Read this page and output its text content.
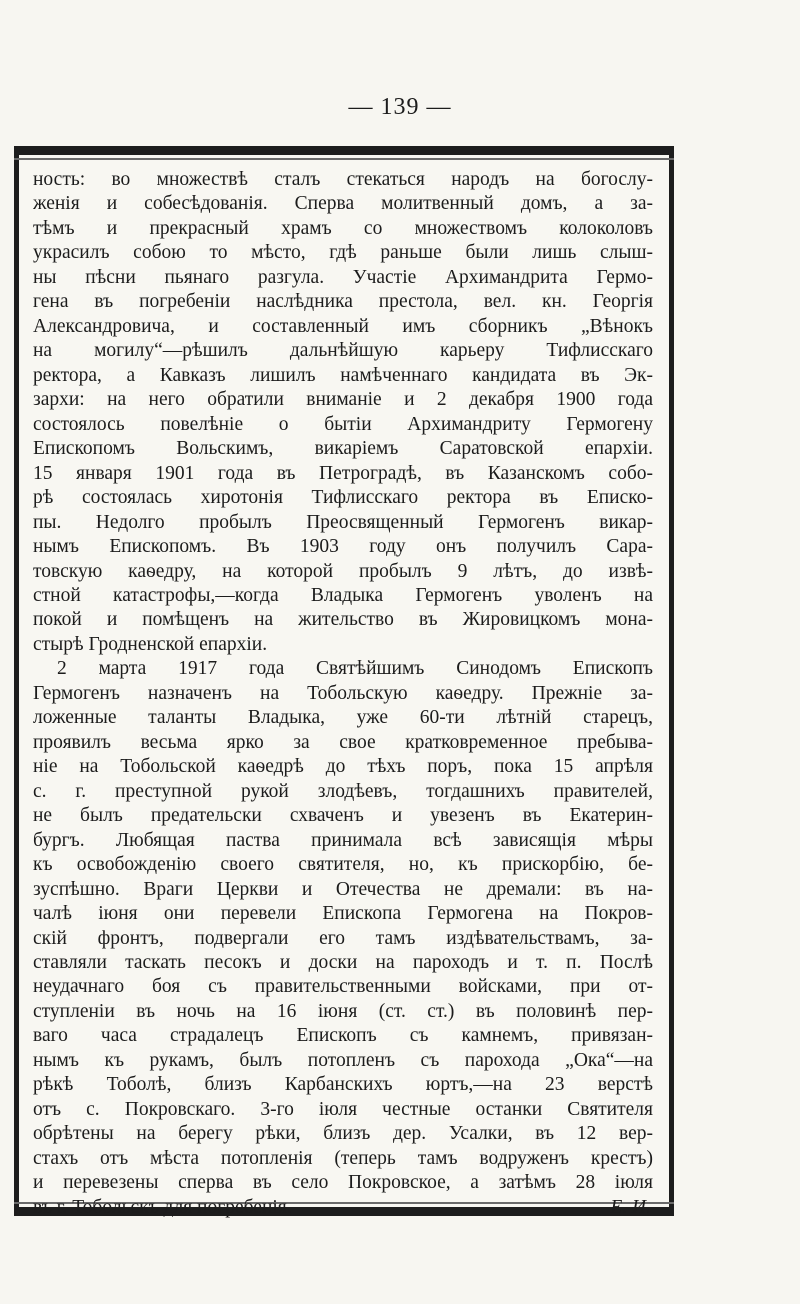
— 139 —
ность: во множествѣ сталъ стекаться народъ на богослу-
женія и собесѣдованія. Сперва молитвенный домъ, а за-
тѣмъ и прекрасный храмъ со множествомъ колоколовъ
украсилъ собою то мѣсто, гдѣ раньше были лишь слыш-
ны пѣсни пьянаго разгула. Участіе Архимандрита Гермо-
гена въ погребеніи наслѣдника престола, вел. кн. Георгія
Александровича, и составленный имъ сборникъ „Вѣнокъ
на могилу“—рѣшилъ дальнѣйшую карьеру Тифлисскаго
ректора, а Кавказъ лишилъ намѣченнаго кандидата въ Эк-
зархи: на него обратили вниманіе и 2 декабря 1900 года
состоялось повелѣніе о бытіи Архимандриту Гермогену
Епископомъ Вольскимъ, викаріемъ Саратовской епархіи.
15 января 1901 года въ Петроградѣ, въ Казанскомъ собо-
рѣ состоялась хиротонія Тифлисскаго ректора въ Еписко-
пы. Недолго пробылъ Преосвященный Гермогенъ викар-
нымъ Епископомъ. Въ 1903 году онъ получилъ Сара-
товскую каѳедру, на которой пробылъ 9 лѣтъ, до извѣ-
стной катастрофы,—когда Владыка Гермогенъ уволенъ на
покой и помѣщенъ на жительство въ Жировицкомъ мона-
стырѣ Гродненской епархіи.
2 марта 1917 года Святѣйшимъ Синодомъ Епископъ
Гермогенъ назначенъ на Тобольскую каѳедру. Прежніе за-
ложенные таланты Владыка, уже 60-ти лѣтній старецъ,
проявилъ весьма ярко за свое кратковременное пребыва-
ніе на Тобольской каѳедрѣ до тѣхъ поръ, пока 15 апрѣля
с. г. преступной рукой злодѣевъ, тогдашнихъ правителей,
не былъ предательски схваченъ и увезенъ въ Екатерин-
бургъ. Любящая паства принимала всѣ зависящія мѣры
къ освобожденію своего святителя, но, къ прискорбію, бе-
зуспѣшно. Враги Церкви и Отечества не дремали: въ на-
чалѣ іюня они перевели Епископа Гермогена на Покров-
скій фронтъ, подвергали его тамъ издѣвательствамъ, за-
ставляли таскать песокъ и доски на пароходъ и т. п. Послѣ
неудачнаго боя съ правительственными войсками, при от-
ступленіи въ ночь на 16 іюня (ст. ст.) въ половинѣ пер-
ваго часа страдалецъ Епископъ съ камнемъ, привязан-
нымъ къ рукамъ, былъ потопленъ съ парохода „Ока“—на
рѣкѣ Тоболѣ, близъ Карбанскихъ юртъ,—на 23 верстѣ
отъ с. Покровскаго. 3-го іюля честные останки Святителя
обрѣтены на берегу рѣки, близъ дер. Усалки, въ 12 вер-
стахъ отъ мѣста потопленія (теперь тамъ водруженъ крестъ)
и перевезены сперва въ село Покровское, а затѣмъ 28 іюля
въ г. Тобольскъ для погребенія.	Е. И.
